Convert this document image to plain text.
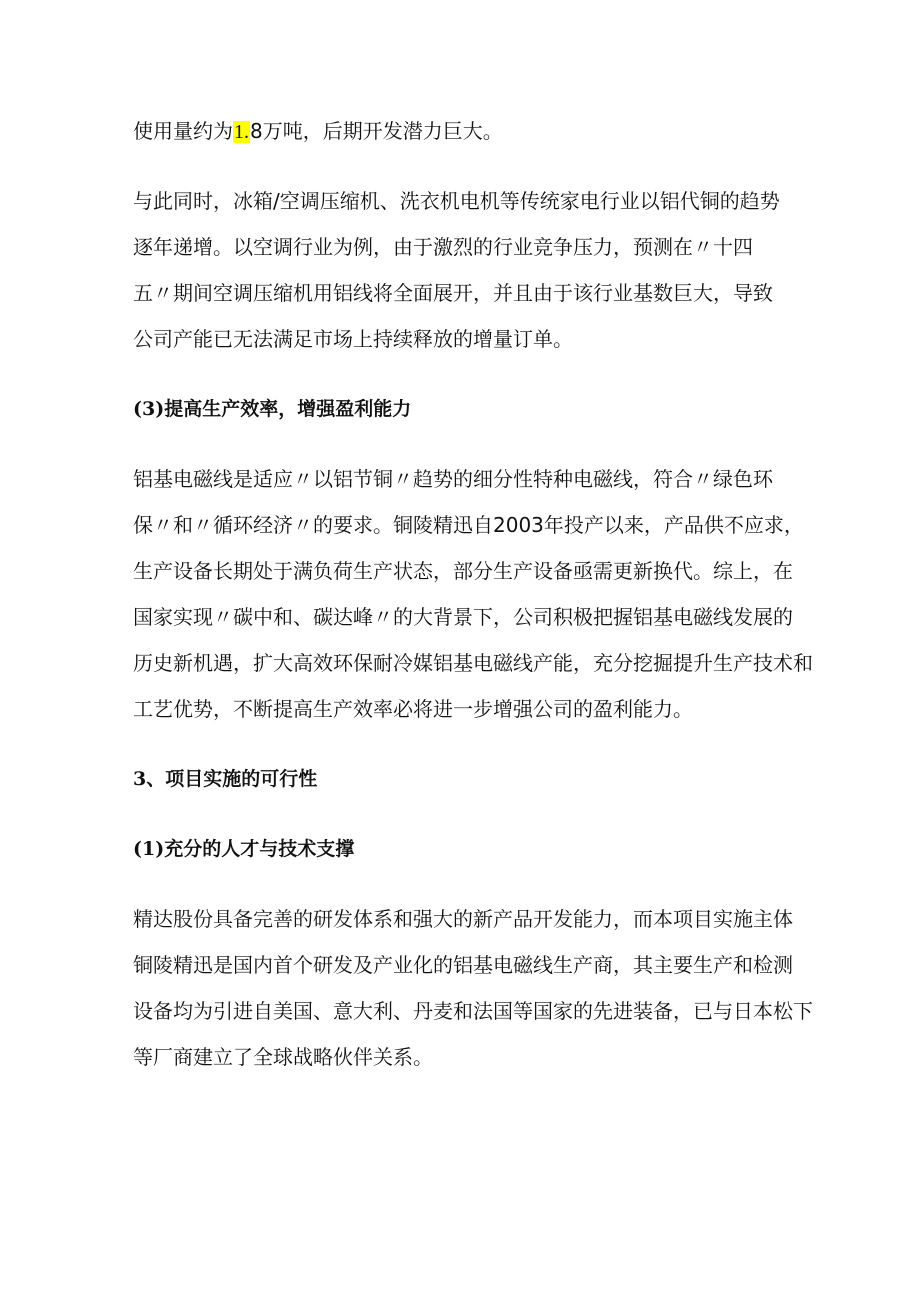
使用量约为1.8万吨，后期开发潜力巨大。
与此同时，冰箱/空调压缩机、洗衣机电机等传统家电行业以铝代铜的趋势
逐年递增。以空调行业为例，由于激烈的行业竞争压力，预测在〃十四
五〃期间空调压缩机用铝线将全面展开，并且由于该行业基数巨大，导致
公司产能已无法满足市场上持续释放的增量订单。
(3)提高生产效率，增强盈利能力
铝基电磁线是适应〃以铝节铜〃趋势的细分性特种电磁线，符合〃绿色环
保〃和〃循环经济〃的要求。铜陵精迅自2003年投产以来，产品供不应求，
生产设备长期处于满负荷生产状态，部分生产设备亟需更新换代。综上，在
国家实现〃碳中和、碳达峰〃的大背景下，公司积极把握铝基电磁线发展的
历史新机遇，扩大高效环保耐冷媒铝基电磁线产能，充分挖掘提升生产技术和
工艺优势，不断提高生产效率必将进一步增强公司的盈利能力。
3、项目实施的可行性
(1)充分的人才与技术支撑
精达股份具备完善的研发体系和强大的新产品开发能力，而本项目实施主体
铜陵精迅是国内首个研发及产业化的铝基电磁线生产商，其主要生产和检测
设备均为引进自美国、意大利、丹麦和法国等国家的先进装备，已与日本松下
等厂商建立了全球战略伙伴关系。
